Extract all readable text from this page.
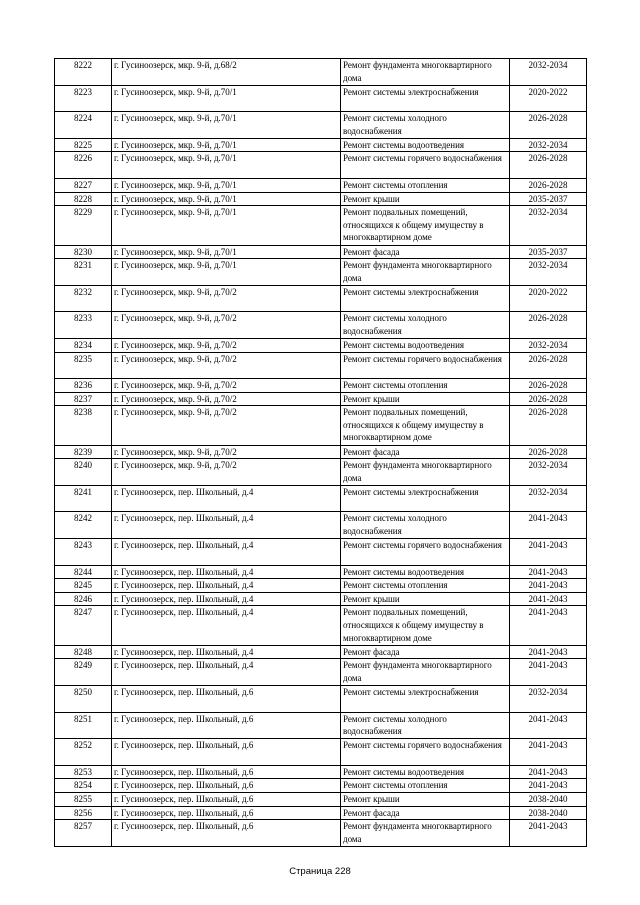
8222	г. Гусиноозерск, мкр. 9-й, д.68/2	Ремонт фундамента многоквартирного дома	2032-2034
8223	г. Гусиноозерск, мкр. 9-й, д.70/1	Ремонт системы электроснабжения	2020-2022
8224	г. Гусиноозерск, мкр. 9-й, д.70/1	Ремонт системы холодного водоснабжения	2026-2028
8225	г. Гусиноозерск, мкр. 9-й, д.70/1	Ремонт системы водоотведения	2032-2034
8226	г. Гусиноозерск, мкр. 9-й, д.70/1	Ремонт системы горячего водоснабжения	2026-2028
8227	г. Гусиноозерск, мкр. 9-й, д.70/1	Ремонт системы отопления	2026-2028
8228	г. Гусиноозерск, мкр. 9-й, д.70/1	Ремонт крыши	2035-2037
8229	г. Гусиноозерск, мкр. 9-й, д.70/1	Ремонт подвальных помещений, относящихся к общему имуществу в многоквартирном доме	2032-2034
8230	г. Гусиноозерск, мкр. 9-й, д.70/1	Ремонт фасада	2035-2037
8231	г. Гусиноозерск, мкр. 9-й, д.70/1	Ремонт фундамента многоквартирного дома	2032-2034
8232	г. Гусиноозерск, мкр. 9-й, д.70/2	Ремонт системы электроснабжения	2020-2022
8233	г. Гусиноозерск, мкр. 9-й, д.70/2	Ремонт системы холодного водоснабжения	2026-2028
8234	г. Гусиноозерск, мкр. 9-й, д.70/2	Ремонт системы водоотведения	2032-2034
8235	г. Гусиноозерск, мкр. 9-й, д.70/2	Ремонт системы горячего водоснабжения	2026-2028
8236	г. Гусиноозерск, мкр. 9-й, д.70/2	Ремонт системы отопления	2026-2028
8237	г. Гусиноозерск, мкр. 9-й, д.70/2	Ремонт крыши	2026-2028
8238	г. Гусиноозерск, мкр. 9-й, д.70/2	Ремонт подвальных помещений, относящихся к общему имуществу в многоквартирном доме	2026-2028
8239	г. Гусиноозерск, мкр. 9-й, д.70/2	Ремонт фасада	2026-2028
8240	г. Гусиноозерск, мкр. 9-й, д.70/2	Ремонт фундамента многоквартирного дома	2032-2034
8241	г. Гусиноозерск, пер. Школьный, д.4	Ремонт системы электроснабжения	2032-2034
8242	г. Гусиноозерск, пер. Школьный, д.4	Ремонт системы холодного водоснабжения	2041-2043
8243	г. Гусиноозерск, пер. Школьный, д.4	Ремонт системы горячего водоснабжения	2041-2043
8244	г. Гусиноозерск, пер. Школьный, д.4	Ремонт системы водоотведения	2041-2043
8245	г. Гусиноозерск, пер. Школьный, д.4	Ремонт системы отопления	2041-2043
8246	г. Гусиноозерск, пер. Школьный, д.4	Ремонт крыши	2041-2043
8247	г. Гусиноозерск, пер. Школьный, д.4	Ремонт подвальных помещений, относящихся к общему имуществу в многоквартирном доме	2041-2043
8248	г. Гусиноозерск, пер. Школьный, д.4	Ремонт фасада	2041-2043
8249	г. Гусиноозерск, пер. Школьный, д.4	Ремонт фундамента многоквартирного дома	2041-2043
8250	г. Гусиноозерск, пер. Школьный, д.6	Ремонт системы электроснабжения	2032-2034
8251	г. Гусиноозерск, пер. Школьный, д.6	Ремонт системы холодного водоснабжения	2041-2043
8252	г. Гусиноозерск, пер. Школьный, д.6	Ремонт системы горячего водоснабжения	2041-2043
8253	г. Гусиноозерск, пер. Школьный, д.6	Ремонт системы водоотведения	2041-2043
8254	г. Гусиноозерск, пер. Школьный, д.6	Ремонт системы отопления	2041-2043
8255	г. Гусиноозерск, пер. Школьный, д.6	Ремонт крыши	2038-2040
8256	г. Гусиноозерск, пер. Школьный, д.6	Ремонт фасада	2038-2040
8257	г. Гусиноозерск, пер. Школьный, д.6	Ремонт фундамента многоквартирного дома	2041-2043
Страница 228
